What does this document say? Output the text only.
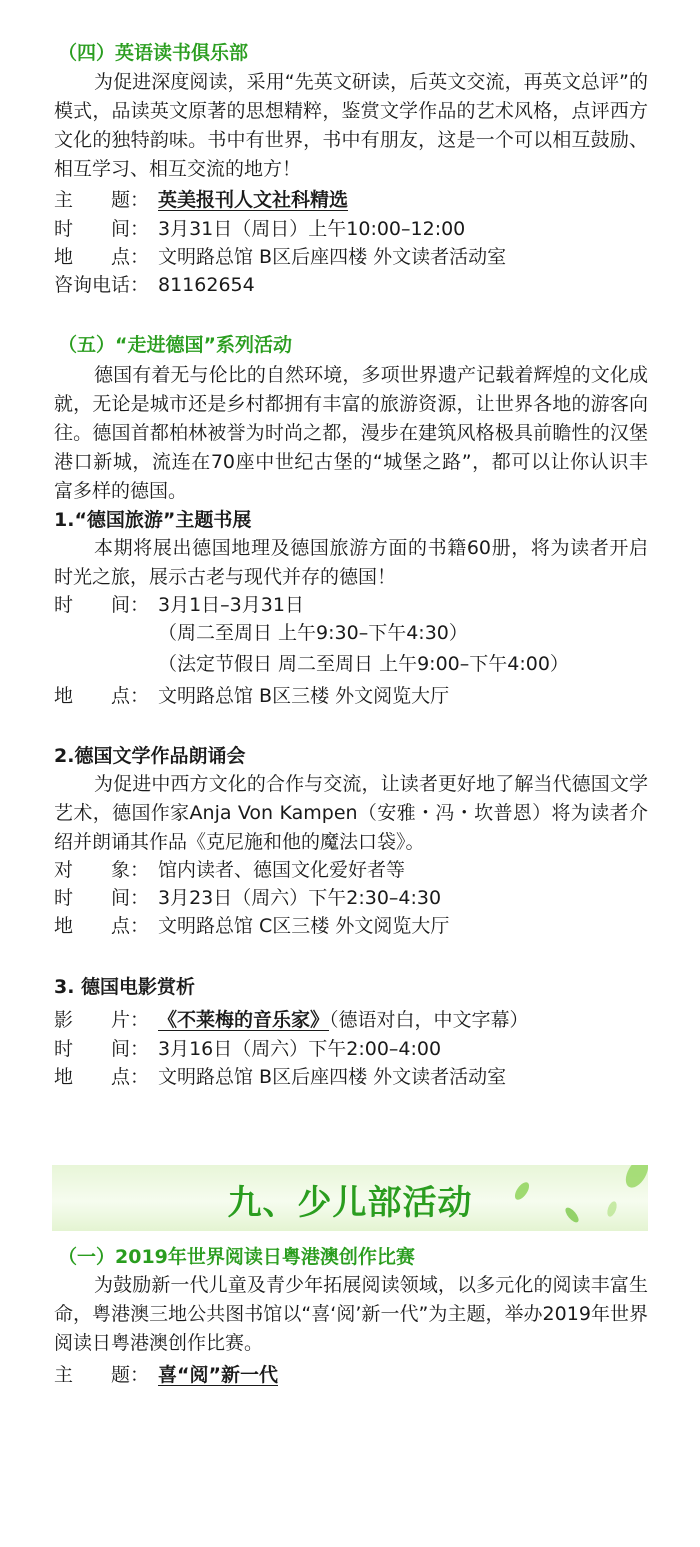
（四）英语读书俱乐部

为促进深度阅读，采用“先英文研读，后英文交流，再英文总评”的模式，品读英文原著的思想精粹，鉴赏文学作品的艺术风格，点评西方文化的独特韵味。书中有世界，书中有朋友，这是一个可以相互鼓励、相互学习、相互交流的地方！

主　　题： 英美报刊人文社科精选
时　　间： 3月31日（周日）上午10:00–12:00
地　　点： 文明路总馆 B区后座四楼 外文读者活动室
咨询电话： 81162654
（五）“走进德国”系列活动

德国有着无与伦比的自然环境，多项世界遗产记载着辉煌的文化成就，无论是城市还是乡村都拥有丰富的旅游资源，让世界各地的游客向往。德国首都柏林被誉为时尚之都，漫步在建筑风格极具前瞻性的汉堡港口新城，流连在70座中世纪古堡的“城堡之路”，都可以让你认识丰富多样的德国。

1.“德国旅游”主题书展

本期将展出德国地理及德国旅游方面的书籍60册，将为读者开启时光之旅，展示古老与现代并存的德国！

时　　间： 3月1日–3月31日
（周二至周日 上午9:30–下午4:30）
（法定节假日 周二至周日 上午9:00–下午4:00）
地　　点： 文明路总馆 B区三楼 外文阅览大厅
2.德国文学作品朗诵会

为促进中西方文化的合作与交流，让读者更好地了解当代德国文学艺术，德国作家Anja Von Kampen（安雅・冯・坎普恩）将为读者介绍并朗诵其作品《克尼施和他的魔法口袋》。

对　　象： 馆内读者、德国文化爱好者等
时　　间： 3月23日（周六）下午2:30–4:30
地　　点： 文明路总馆 C区三楼 外文阅览大厅
3. 德国电影赏析
影　　片： 《不莱梅的音乐家》（德语对白，中文字幕）
时　　间： 3月16日（周六）下午2:00–4:00
地　　点： 文明路总馆 B区后座四楼 外文读者活动室
（一）2019年世界阅读日粤港澳创作比赛

为鼓励新一代儿童及青少年拓展阅读领域，以多元化的阅读丰富生命，粤港澳三地公共图书馆以“喜‘阅’新一代”为主题，举办2019年世界阅读日粤港澳创作比赛。

主　　题： 喜“阅”新一代
九、少儿部活动
